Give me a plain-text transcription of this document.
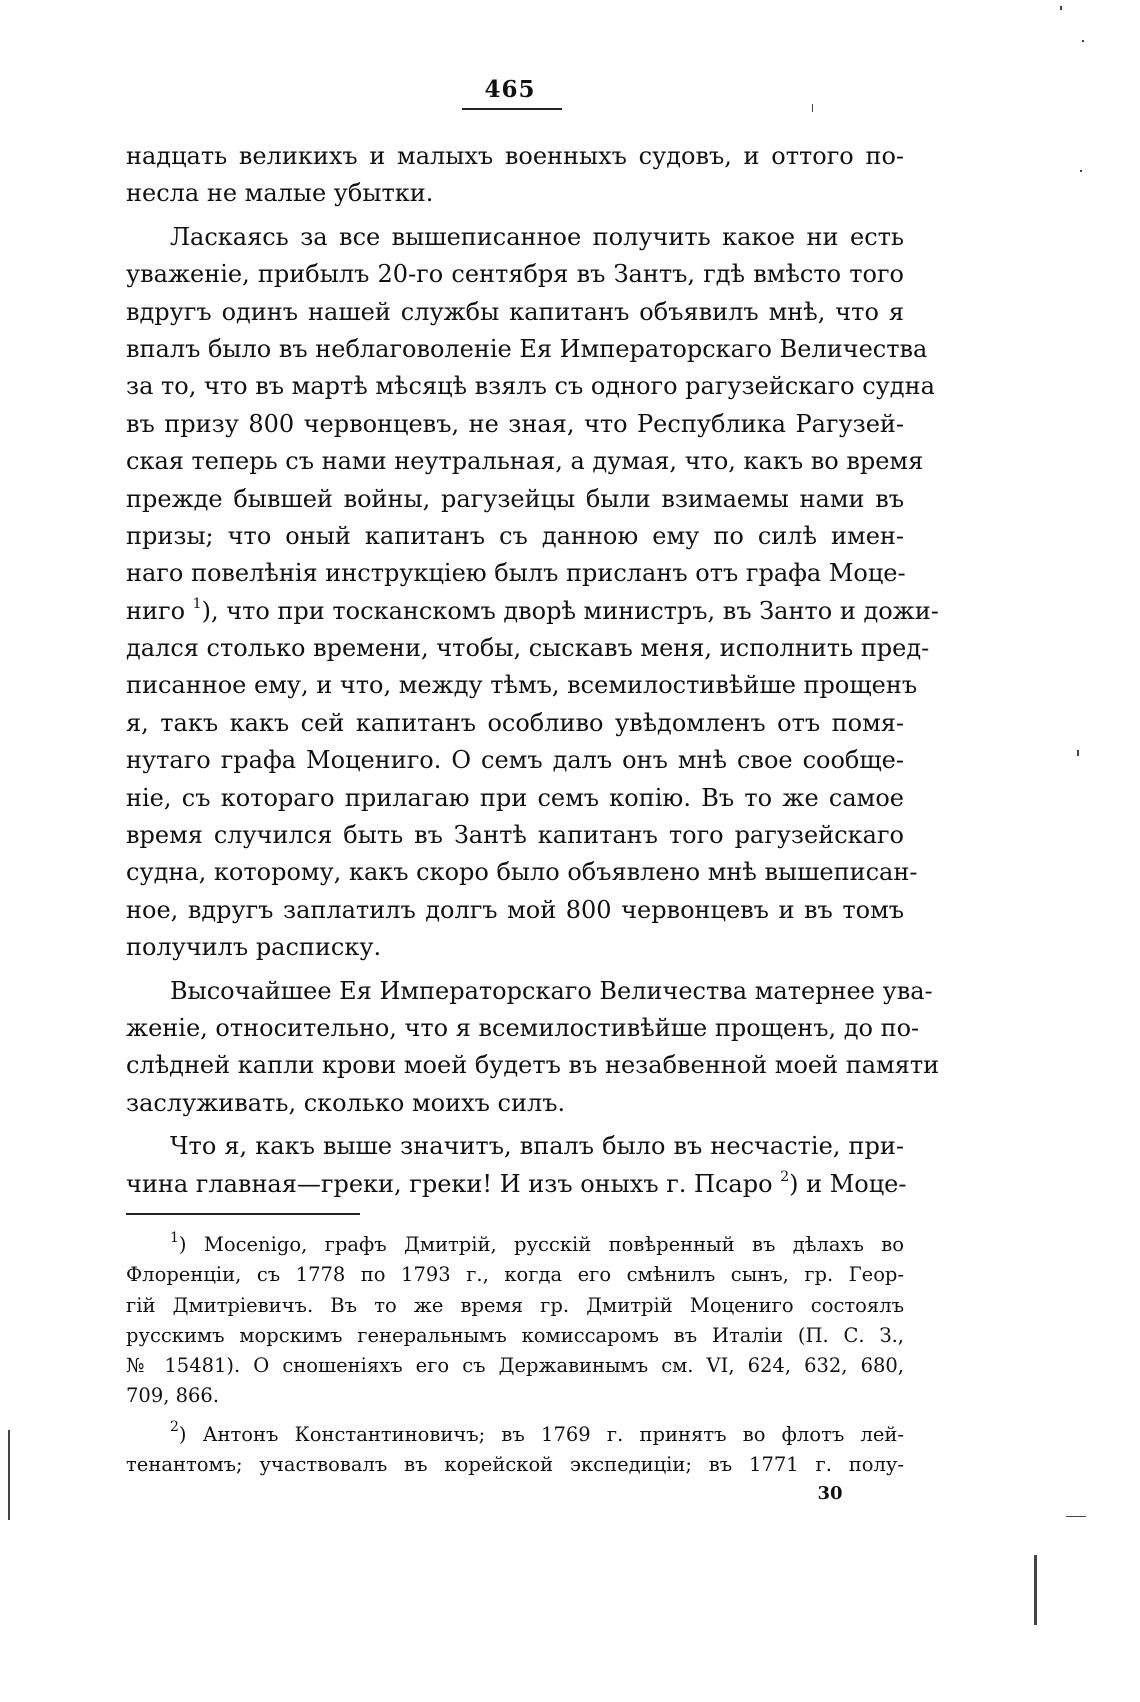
465
надцать великихъ и малыхъ военныхъ судовъ, и оттого по-
несла не малые убытки.
Ласкаясь за все вышеписанное получить какое ни есть
уваженіе, прибылъ 20-го сентября въ Зантъ, гдѣ вмѣсто того
вдругъ одинъ нашей службы капитанъ объявилъ мнѣ, что я
впалъ было въ неблаговоленіе Ея Императорскаго Величества
за то, что въ мартѣ мѣсяцѣ взялъ съ одного рагузейскаго судна
въ призу 800 червонцевъ, не зная, что Республика Рагузей-
ская теперь съ нами неутральная, а думая, что, какъ во время
прежде бывшей войны, рагузейцы были взимаемы нами въ
призы; что оный капитанъ съ данною ему по силѣ имен-
наго повелѣнія инструкціею былъ присланъ отъ графа Моце-
ниго $^1$), что при тосканскомъ дворѣ министръ, въ Занто и дожи-
дался столько времени, чтобы, сыскавъ меня, исполнить пред-
писанное ему, и что, между тѣмъ, всемилостивѣйше прощенъ
я, такъ какъ сей капитанъ особливо увѣдомленъ отъ помя-
нутаго графа Моцениго. О семъ далъ онъ мнѣ свое сообще-
ніе, съ котораго прилагаю при семъ копію. Въ то же самое
время случился быть въ Зантѣ капитанъ того рагузейскаго
судна, которому, какъ скоро было объявлено мнѣ вышеписан-
ное, вдругъ заплатилъ долгъ мой 800 червонцевъ и въ томъ
получилъ расписку.
Высочайшее Ея Императорскаго Величества матернее ува-
женіе, относительно, что я всемилостивѣйше прощенъ, до по-
слѣдней капли крови моей будетъ въ незабвенной моей памяти
заслуживать, сколько моихъ силъ.
Что я, какъ выше значитъ, впалъ было въ несчастіе, при-
чина главная—греки, греки! И изъ оныхъ г. Псаро $^2$) и Моце-
$^1$) Mocenigo, графъ Дмитрій, русскій повѣренный въ дѣлахъ во
Флоренціи, съ 1778 по 1793 г., когда его смѣнилъ сынъ, гр. Геор-
гій Дмитріевичъ. Въ то же время гр. Дмитрій Моцениго состоялъ
русскимъ морскимъ генеральнымъ комиссаромъ въ Италіи (П. С. З.,
№ 15481). О сношеніяхъ его съ Державинымъ см. VI, 624, 632, 680,
709, 866.
$^2$) Антонъ Константиновичъ; въ 1769 г. принятъ во флотъ лей-
тенантомъ; участвовалъ въ корейской экспедиціи; въ 1771 г. полу-
30
